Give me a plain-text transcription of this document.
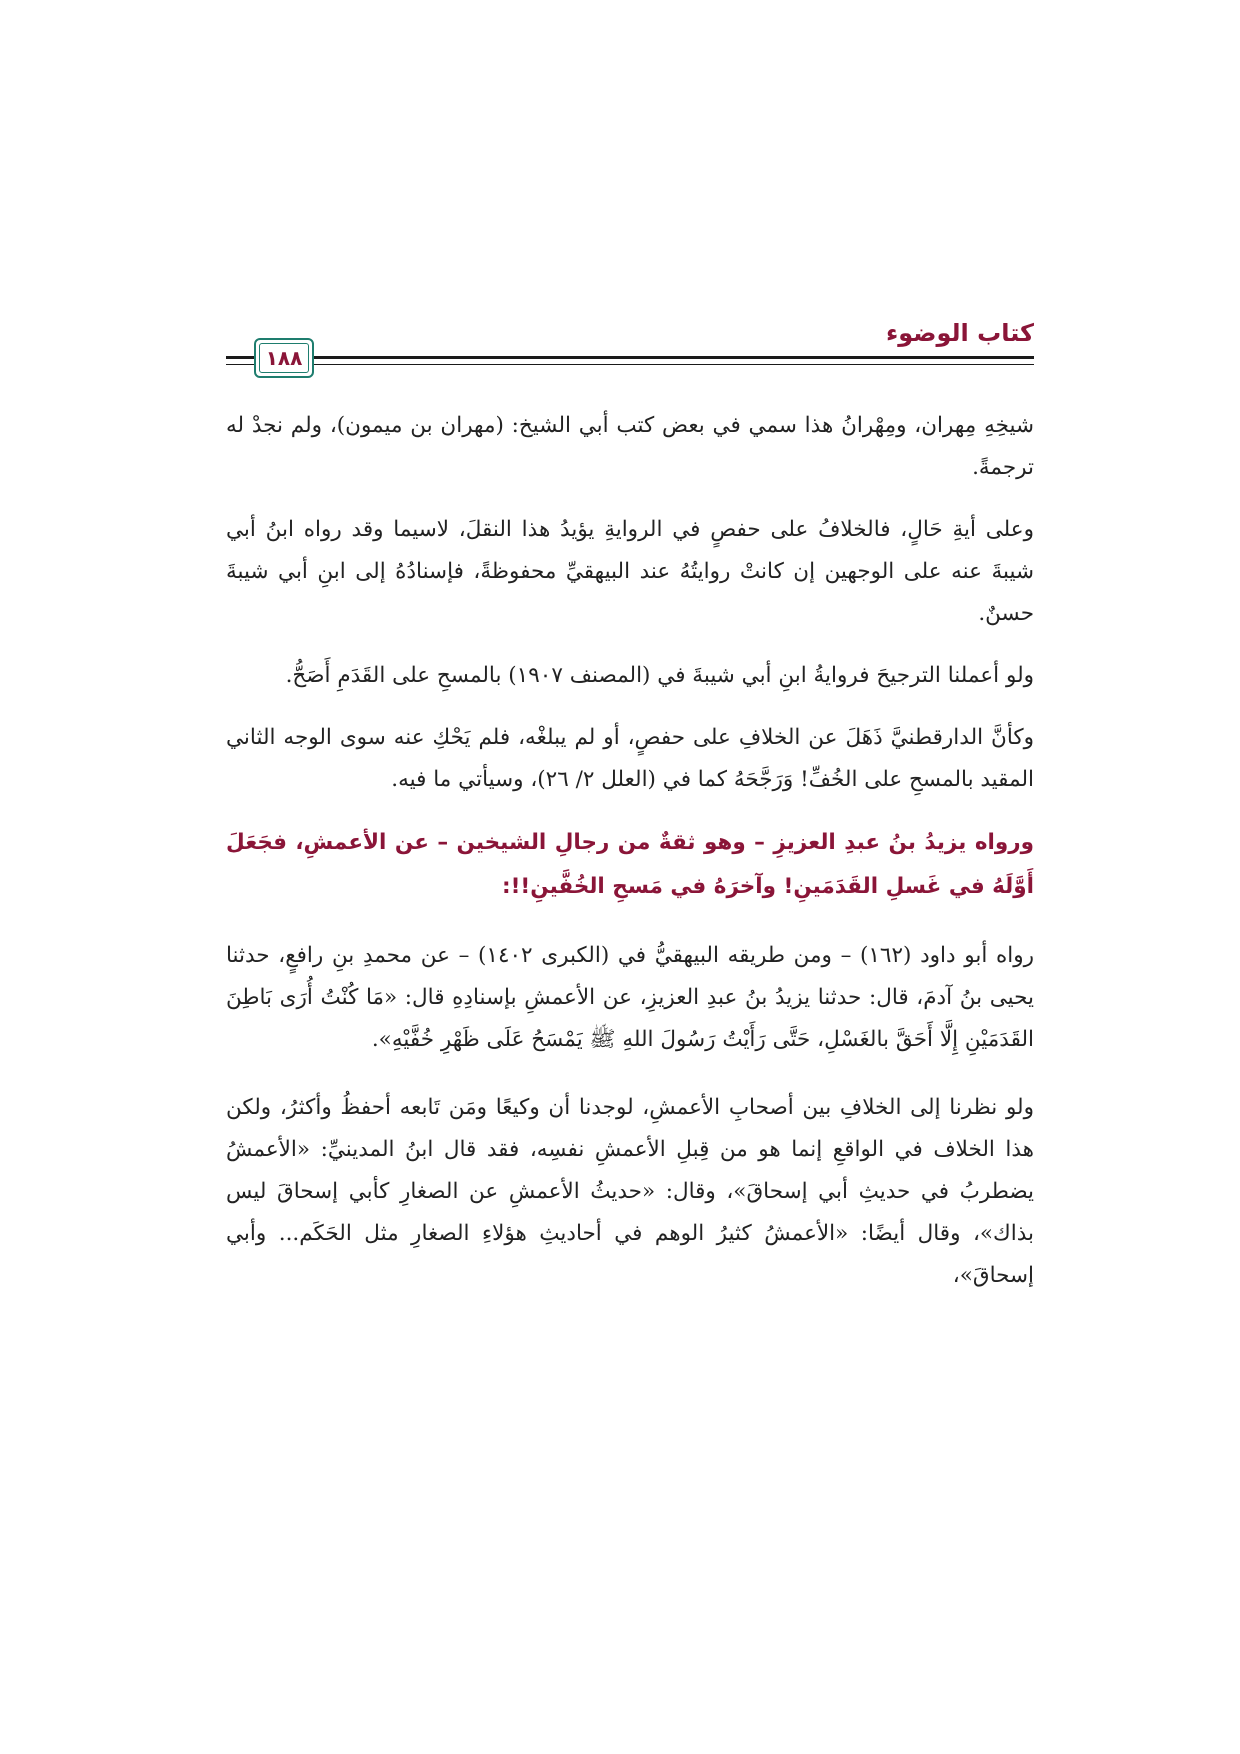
كتاب الوضوء
١٨٨

شيخِهِ مِهران، ومِهْرانُ هذا سمي في بعض كتب أبي الشيخ: (مهران بن ميمون)، ولم نجدْ له ترجمةً.

وعلى أيةِ حَالٍ، فالخلافُ على حفصٍ في الروايةِ يؤيدُ هذا النقلَ، لاسيما وقد رواه ابنُ أبي شيبةَ عنه على الوجهين إن كانتْ روايتُهُ عند البيهقيِّ محفوظةً، فإسنادُهُ إلى ابنِ أبي شيبةَ حسنٌ.

ولو أعملنا الترجيحَ فروايةُ ابنِ أبي شيبةَ في (المصنف ١٩٠٧) بالمسحِ على القَدَمِ أَصَحُّ.

وكأنَّ الدارقطنيَّ ذَهَلَ عن الخلافِ على حفصٍ، أو لم يبلغْه، فلم يَحْكِ عنه سوى الوجه الثاني المقيد بالمسحِ على الخُفِّ! وَرَجَّحَهُ كما في (العلل ٢/ ٢٦)، وسيأتي ما فيه.

ورواه يزيدُ بنُ عبدِ العزيزِ – وهو ثقةٌ من رجالِ الشيخين – عن الأعمشِ، فجَعَلَ أَوَّلَهُ في غَسلِ القَدَمَينِ! وآخرَهُ في مَسحِ الخُفَّينِ!!:

رواه أبو داود (١٦٢) – ومن طريقه البيهقيُّ في (الكبرى ١٤٠٢) – عن محمدِ بنِ رافعٍ، حدثنا يحيى بنُ آدمَ، قال: حدثنا يزيدُ بنُ عبدِ العزيزِ، عن الأعمشِ بإسنادِهِ قال: «مَا كُنْتُ أُرَى بَاطِنَ القَدَمَيْنِ إِلَّا أَحَقَّ بالغَسْلِ، حَتَّى رَأَيْتُ رَسُولَ اللهِ ﷺ يَمْسَحُ عَلَى ظَهْرِ خُفَّيْهِ».

ولو نظرنا إلى الخلافِ بين أصحابِ الأعمشِ، لوجدنا أن وكيعًا ومَن تَابعه أحفظُ وأكثرُ، ولكن هذا الخلاف في الواقعِ إنما هو من قِبلِ الأعمشِ نفسِه، فقد قال ابنُ المدينيِّ: «الأعمشُ يضطربُ في حديثِ أبي إسحاقَ»، وقال: «حديثُ الأعمشِ عن الصغارِ كأبي إسحاقَ ليس بذاك»، وقال أيضًا: «الأعمشُ كثيرُ الوهم في أحاديثِ هؤلاءِ الصغارِ مثل الحَكَم... وأبي إسحاقَ»،
